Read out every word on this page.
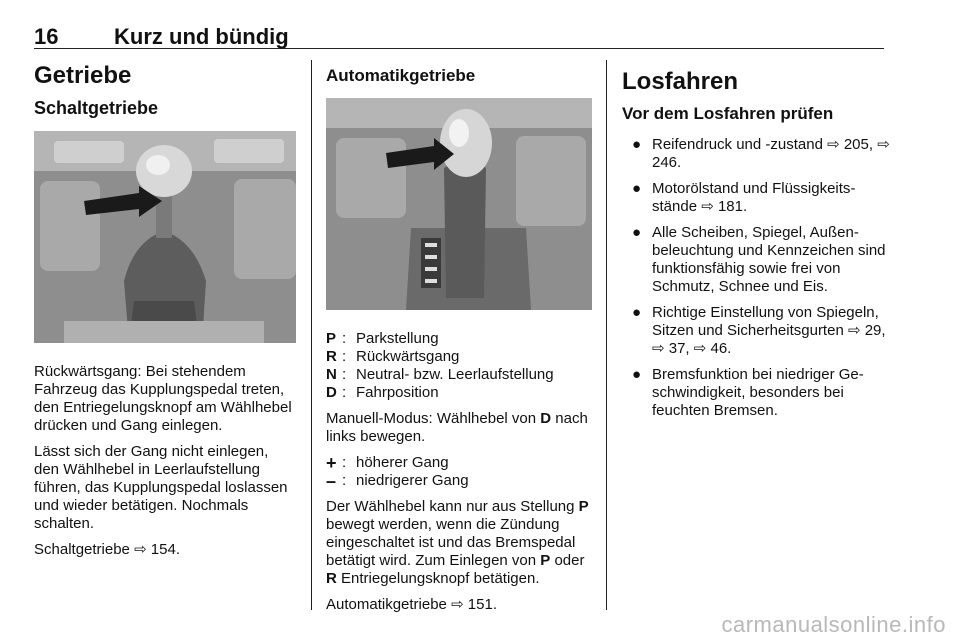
16	Kurz und bündig
Getriebe
Schaltgetriebe

Rückwärtsgang: Bei stehendem Fahrzeug das Kupplungspedal treten, den Entriegelungsknopf am Wählhebel drücken und Gang einlegen.

Lässt sich der Gang nicht einlegen, den Wählhebel in Leerlaufstellung führen, das Kupplungspedal loslassen und wieder betätigen. Nochmals schalten.

Schaltgetriebe ⇨ 154.

Automatikgetriebe
P : Parkstellung
R : Rückwärtsgang
N : Neutral- bzw. Leerlaufstellung
D : Fahrposition

Manuell-Modus: Wählhebel von D nach links bewegen.

+ : höherer Gang
– : niedrigerer Gang

Der Wählhebel kann nur aus Stellung P bewegt werden, wenn die Zündung eingeschaltet ist und das Bremspedal betätigt wird. Zum Einlegen von P oder R Entriegelungsknopf betätigen.

Automatikgetriebe ⇨ 151.

Losfahren
Vor dem Losfahren prüfen
● Reifendruck und -zustand ⇨ 205, ⇨ 246.
● Motorölstand und Flüssigkeitsstände ⇨ 181.
● Alle Scheiben, Spiegel, Außenbeleuchtung und Kennzeichen sind funktionsfähig sowie frei von Schmutz, Schnee und Eis.
● Richtige Einstellung von Spiegeln, Sitzen und Sicherheitsgurten ⇨ 29, ⇨ 37, ⇨ 46.
● Bremsfunktion bei niedriger Geschwindigkeit, besonders bei feuchten Bremsen.
carmanualsonline.info
